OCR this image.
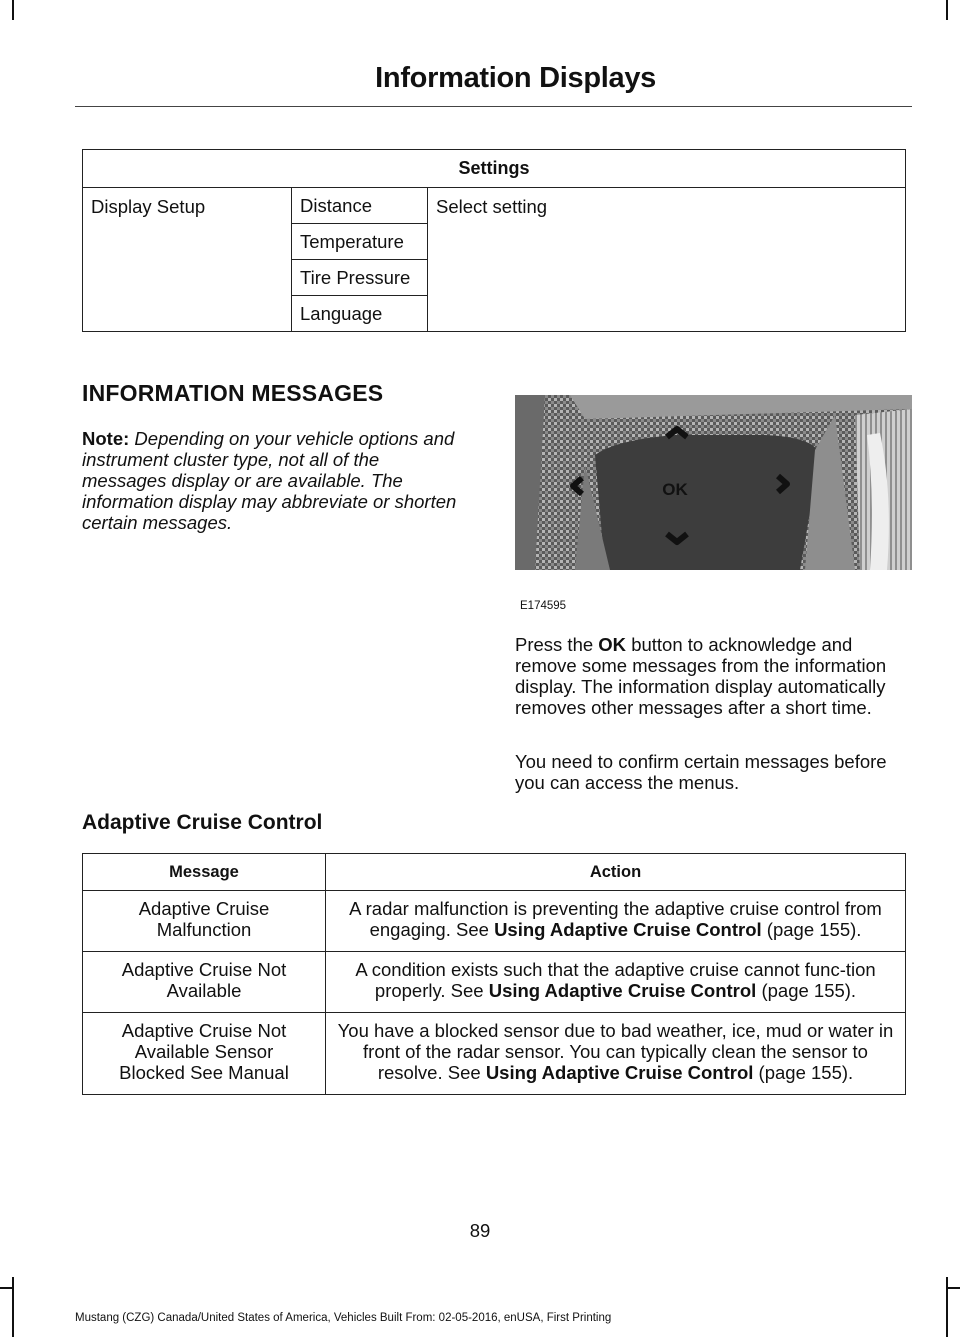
Information Displays
Settings
Display Setup	Distance	Select setting
Temperature
Tire Pressure
Language
INFORMATION MESSAGES

Note: Depending on your vehicle options and instrument cluster type, not all of the messages display or are available. The information display may abbreviate or shorten certain messages.

OK
E174595

Press the OK button to acknowledge and remove some messages from the information display. The information display automatically removes other messages after a short time.

You need to confirm certain messages before you can access the menus.

Adaptive Cruise Control
Message	Action
Adaptive Cruise Malfunction	A radar malfunction is preventing the adaptive cruise control from engaging. See Using Adaptive Cruise Control (page 155).
Adaptive Cruise Not Available	A condition exists such that the adaptive cruise cannot func-tion properly. See Using Adaptive Cruise Control (page 155).
Adaptive Cruise Not Available Sensor Blocked See Manual	You have a blocked sensor due to bad weather, ice, mud or water in front of the radar sensor. You can typically clean the sensor to resolve. See Using Adaptive Cruise Control (page 155).
89
Mustang (CZG) Canada/United States of America, Vehicles Built From: 02-05-2016, enUSA, First Printing
